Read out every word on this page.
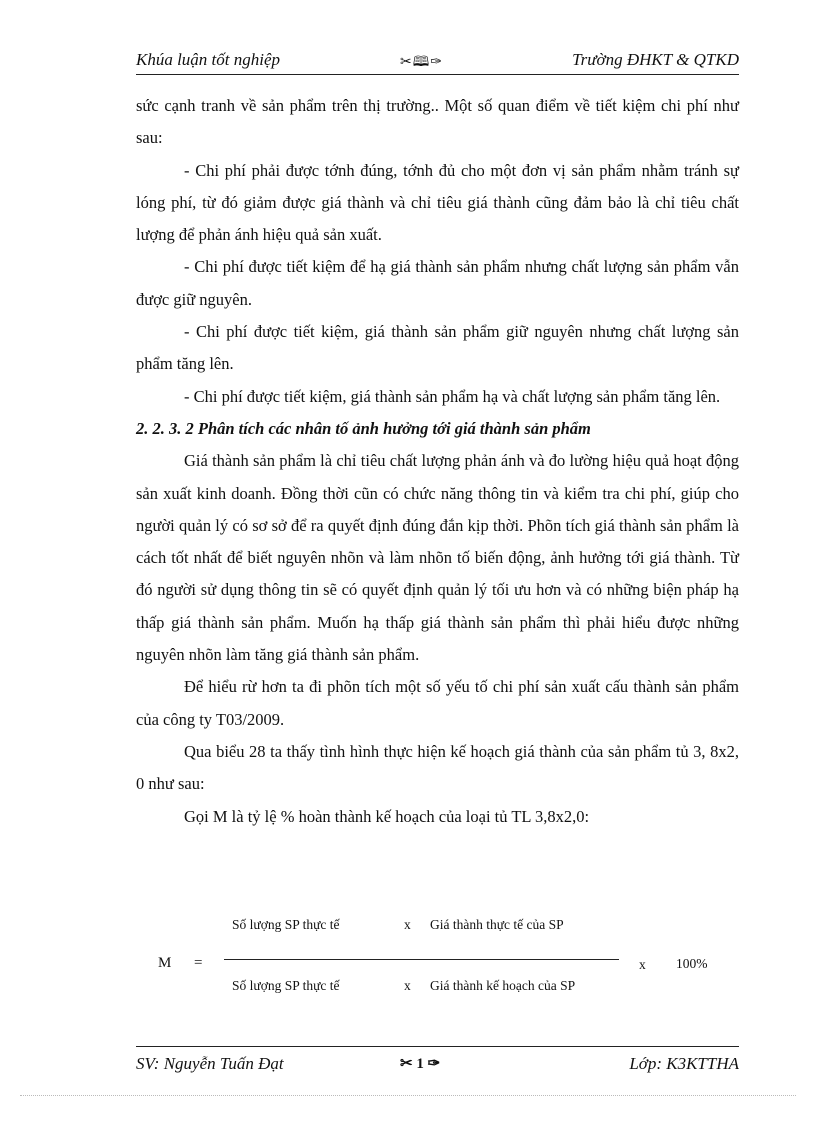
Khúa luận tốt nghiệp	✂🕮✑	Trường ĐHKT & QTKD

sức cạnh tranh về sản phẩm trên thị trường.. Một số quan điểm về tiết kiệm chi phí như sau:

- Chi phí phải được tớnh đúng, tớnh đủ cho một đơn vị sản phẩm nhằm tránh sự lóng phí, từ đó giảm được giá thành và chỉ tiêu giá thành cũng đảm bảo là chỉ tiêu chất lượng để phản ánh hiệu quả sản xuất.

- Chi phí được tiết kiệm để hạ giá thành sản phẩm nhưng chất lượng sản phẩm vẫn được giữ nguyên.

- Chi phí được tiết kiệm, giá thành sản phẩm giữ nguyên nhưng chất lượng sản phẩm tăng lên.

- Chi phí được tiết kiệm, giá thành sản phẩm hạ và chất lượng sản phẩm tăng lên.

2. 2. 3. 2 Phân tích các nhân tố ảnh hưởng tới giá thành sản phẩm

Giá thành sản phẩm là chỉ tiêu chất lượng phản ánh và đo lường hiệu quả hoạt động sản xuất kinh doanh. Đồng thời cũn có chức năng thông tin và kiểm tra chi phí, giúp cho người quản lý có sơ sở để ra quyết định đúng đắn kịp thời. Phõn tích giá thành sản phẩm là cách tốt nhất để biết nguyên nhõn và làm nhõn tố biến động, ảnh hưởng tới giá thành. Từ đó người sử dụng thông tin sẽ có quyết định quản lý tối ưu hơn và có những biện pháp hạ thấp giá thành sản phẩm. Muốn hạ thấp giá thành sản phẩm thì phải hiểu được những nguyên nhõn làm tăng giá thành sản phẩm.

Để hiểu rừ hơn ta đi phõn tích một số yếu tố chi phí sản xuất cấu thành sản phẩm của công ty T03/2009.

Qua biểu 28 ta thấy tình hình thực hiện kế hoạch giá thành của sản phẩm tủ 3, 8x2, 0 như sau:

Gọi M là tỷ lệ % hoàn thành kế hoạch của loại tủ TL 3,8x2,0:

M =
Số lượng SP thực tế	x Giá thành thực tế của SP
Số lượng SP thực tế	x Giá thành kế hoạch của SP
x 100%
SV: Nguyễn Tuấn Đạt	✂ 1 ✑	Lớp: K3KTTHA
